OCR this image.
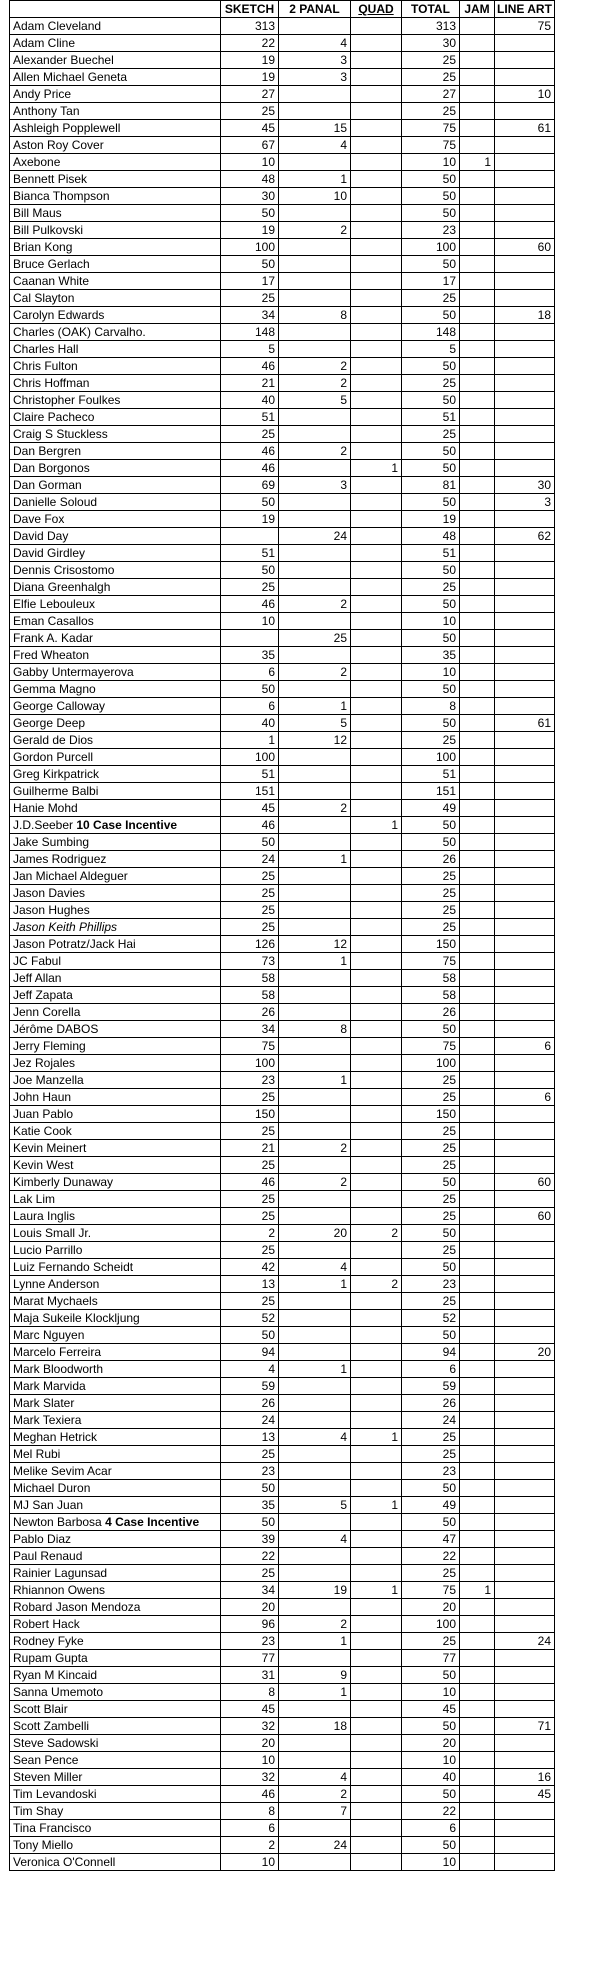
	SKETCH	2 PANAL	QUAD	TOTAL	JAM	LINE ART
Adam Cleveland	313			313		75
Adam Cline	22	4		30		
Alexander Buechel	19	3		25		
Allen Michael Geneta	19	3		25		
Andy Price	27			27		10
Anthony Tan	25			25		
Ashleigh Popplewell	45	15		75		61
Aston Roy Cover	67	4		75		
Axebone	10			10	1	
Bennett Pisek	48	1		50		
Bianca Thompson	30	10		50		
Bill Maus	50			50		
Bill Pulkovski	19	2		23		
Brian Kong	100			100		60
Bruce Gerlach	50			50		
Caanan White	17			17		
Cal Slayton	25			25		
Carolyn Edwards	34	8		50		18
Charles (OAK) Carvalho.	148			148		
Charles Hall	5			5		
Chris Fulton	46	2		50		
Chris Hoffman	21	2		25		
Christopher Foulkes	40	5		50		
Claire Pacheco	51			51		
Craig S Stuckless	25			25		
Dan Bergren	46	2		50		
Dan Borgonos	46		1	50		
Dan Gorman	69	3		81		30
Danielle Soloud	50			50		3
Dave Fox	19			19		
David Day		24		48		62
David Girdley	51			51		
Dennis Crisostomo	50			50		
Diana Greenhalgh	25			25		
Elfie Lebouleux	46	2		50		
Eman Casallos	10			10		
Frank A. Kadar		25		50		
Fred Wheaton	35			35		
Gabby Untermayerova	6	2		10		
Gemma Magno	50			50		
George Calloway	6	1		8		
George Deep	40	5		50		61
Gerald de Dios	1	12		25		
Gordon Purcell	100			100		
Greg Kirkpatrick	51			51		
Guilherme Balbi	151			151		
Hanie Mohd	45	2		49		
J.D.Seeber 10 Case Incentive	46		1	50		
Jake Sumbing	50			50		
James Rodriguez	24	1		26		
Jan Michael Aldeguer	25			25		
Jason Davies	25			25		
Jason Hughes	25			25		
Jason Keith Phillips	25			25		
Jason Potratz/Jack Hai	126	12		150		
JC Fabul	73	1		75		
Jeff Allan	58			58		
Jeff Zapata	58			58		
Jenn Corella	26			26		
Jérôme DABOS	34	8		50		
Jerry Fleming	75			75		6
Jez Rojales	100			100		
Joe Manzella	23	1		25		
John Haun	25			25		6
Juan Pablo	150			150		
Katie Cook	25			25		
Kevin Meinert	21	2		25		
Kevin West	25			25		
Kimberly Dunaway	46	2		50		60
Lak Lim	25			25		
Laura Inglis	25			25		60
Louis Small Jr.	2	20	2	50		
Lucio Parrillo	25			25		
Luiz Fernando Scheidt	42	4		50		
Lynne Anderson	13	1	2	23		
Marat Mychaels	25			25		
Maja Sukeile Klockljung	52			52		
Marc Nguyen	50			50		
Marcelo Ferreira	94			94		20
Mark Bloodworth	4	1		6		
Mark Marvida	59			59		
Mark Slater	26			26		
Mark Texiera	24			24		
Meghan Hetrick	13	4	1	25		
Mel Rubi	25			25		
Melike Sevim Acar	23			23		
Michael Duron	50			50		
MJ San Juan	35	5	1	49		
Newton Barbosa 4 Case Incentive	50			50		
Pablo Diaz	39	4		47		
Paul Renaud	22			22		
Rainier Lagunsad	25			25		
Rhiannon Owens	34	19	1	75	1	
Robard Jason Mendoza	20			20		
Robert Hack	96	2		100		
Rodney Fyke	23	1		25		24
Rupam Gupta	77			77		
Ryan M Kincaid	31	9		50		
Sanna Umemoto	8	1		10		
Scott Blair	45			45		
Scott Zambelli	32	18		50		71
Steve Sadowski	20			20		
Sean Pence	10			10		
Steven Miller	32	4		40		16
Tim Levandoski	46	2		50		45
Tim Shay	8	7		22		
Tina Francisco	6			6		
Tony Miello	2	24		50		
Veronica O'Connell	10			10		
